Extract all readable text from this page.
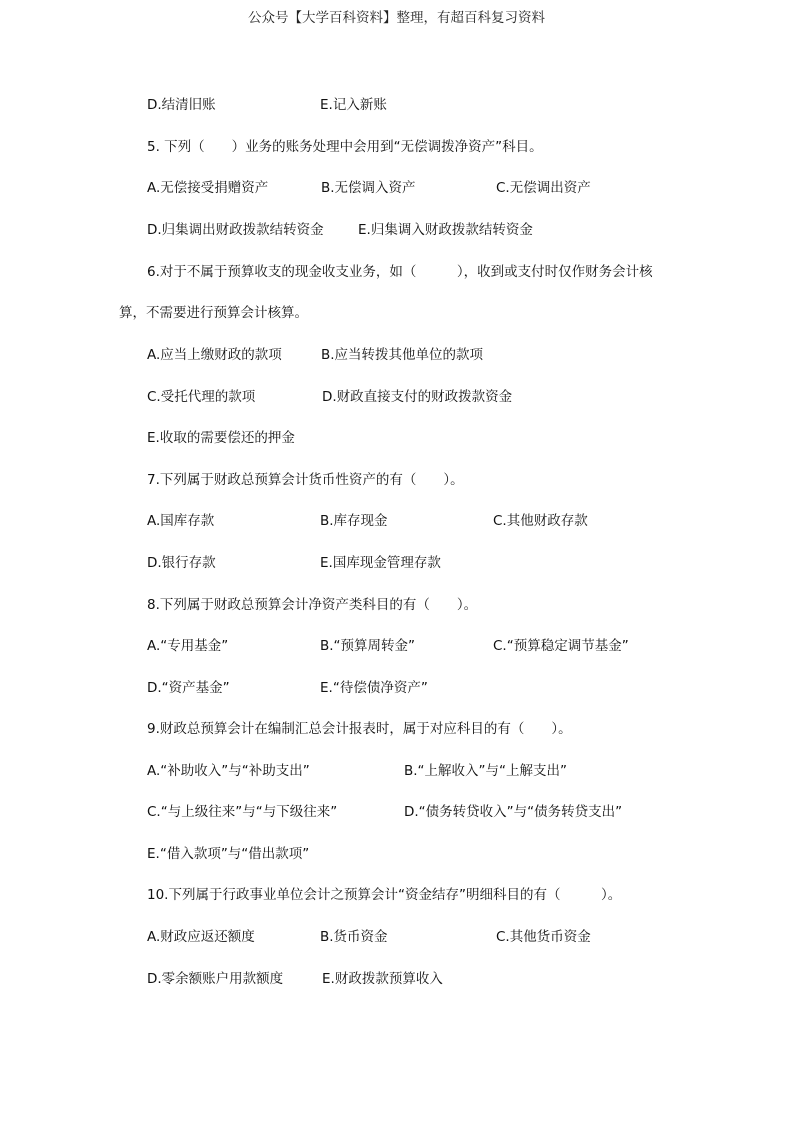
公众号【大学百科资料】整理，有超百科复习资料
D.结清旧账	E.记入新账
5. 下列（　　）业务的账务处理中会用到“无偿调拨净资产”科目。
A.无偿接受捐赠资产	B.无偿调入资产	C.无偿调出资产
D.归集调出财政拨款结转资金	E.归集调入财政拨款结转资金
6.对于不属于预算收支的现金收支业务，如（　　　），收到或支付时仅作财务会计核
算，不需要进行预算会计核算。
A.应当上缴财政的款项	B.应当转拨其他单位的款项
C.受托代理的款项	D.财政直接支付的财政拨款资金
E.收取的需要偿还的押金
7.下列属于财政总预算会计货币性资产的有（　　）。
A.国库存款	B.库存现金	C.其他财政存款
D.银行存款	E.国库现金管理存款
8.下列属于财政总预算会计净资产类科目的有（　　）。
A.“专用基金”	B.“预算周转金”	C.“预算稳定调节基金”
D.“资产基金”	E.“待偿债净资产”
9.财政总预算会计在编制汇总会计报表时，属于对应科目的有（　　）。
A.“补助收入”与“补助支出”	B.“上解收入”与“上解支出”
C.“与上级往来”与“与下级往来”	D.“债务转贷收入”与“债务转贷支出”
E.“借入款项”与“借出款项”
10.下列属于行政事业单位会计之预算会计“资金结存”明细科目的有（　　　）。
A.财政应返还额度	B.货币资金	C.其他货币资金
D.零余额账户用款额度	E.财政拨款预算收入
